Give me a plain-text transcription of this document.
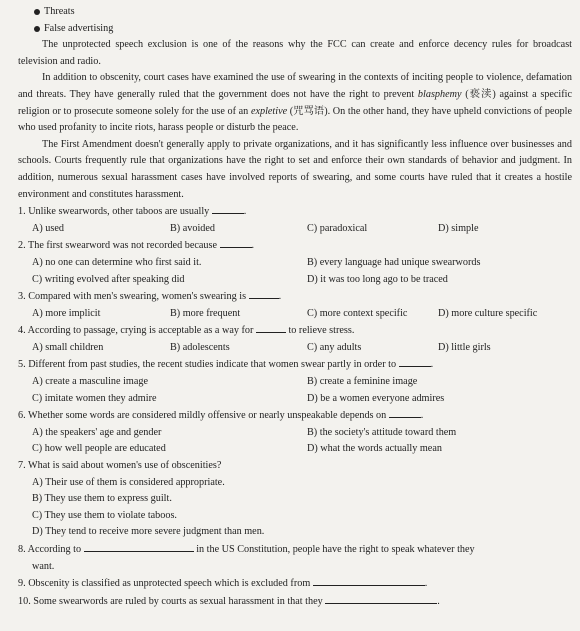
Threats
False advertising

The unprotected speech exclusion is one of the reasons why the FCC can create and enforce decency rules for broadcast television and radio.

In addition to obscenity, court cases have examined the use of swearing in the contexts of inciting people to violence, defamation and threats. They have generally ruled that the government does not have the right to prevent blasphemy (亵渎) against a specific religion or to prosecute someone solely for the use of an expletive (咒骂语). On the other hand, they have upheld convictions of people who used profanity to incite riots, harass people or disturb the peace.

The First Amendment doesn't generally apply to private organizations, and it has significantly less influence over businesses and schools. Courts frequently rule that organizations have the right to set and enforce their own standards of behavior and judgment. In addition, numerous sexual harassment cases have involved reports of swearing, and some courts have ruled that it creates a hostile environment and constitutes harassment.

1. Unlike swearwords, other taboos are usually	.
A) used	B) avoided	C) paradoxical	D) simple
2. The first swearword was not recorded because	.
A) no one can determine who first said it.	B) every language had unique swearwords
C) writing evolved after speaking did	D) it was too long ago to be traced
3. Compared with men's swearing, women's swearing is	.
A) more implicit	B) more frequent	C) more context specific	D) more culture specific
4. According to passage, crying is acceptable as a way for	to relieve stress.
A) small children	B) adolescents	C) any adults	D) little girls
5. Different from past studies, the recent studies indicate that women swear partly in order to	.
A) create a masculine image	B) create a feminine image
C) imitate women they admire	D) be a women everyone admires
6. Whether some words are considered mildly offensive or nearly unspeakable depends on	.
A) the speakers' age and gender	B) the society's attitude toward them
C) how well people are educated	D) what the words actually mean
7. What is said about women's use of obscenities?
A) Their use of them is considered appropriate.
B) They use them to express guilt.
C) They use them to violate taboos.
D) They tend to receive more severe judgment than men.
8. According to	in the US Constitution, people have the right to speak whatever they
want.
9. Obscenity is classified as unprotected speech which is excluded from	.
10. Some swearwords are ruled by courts as sexual harassment in that they	.
